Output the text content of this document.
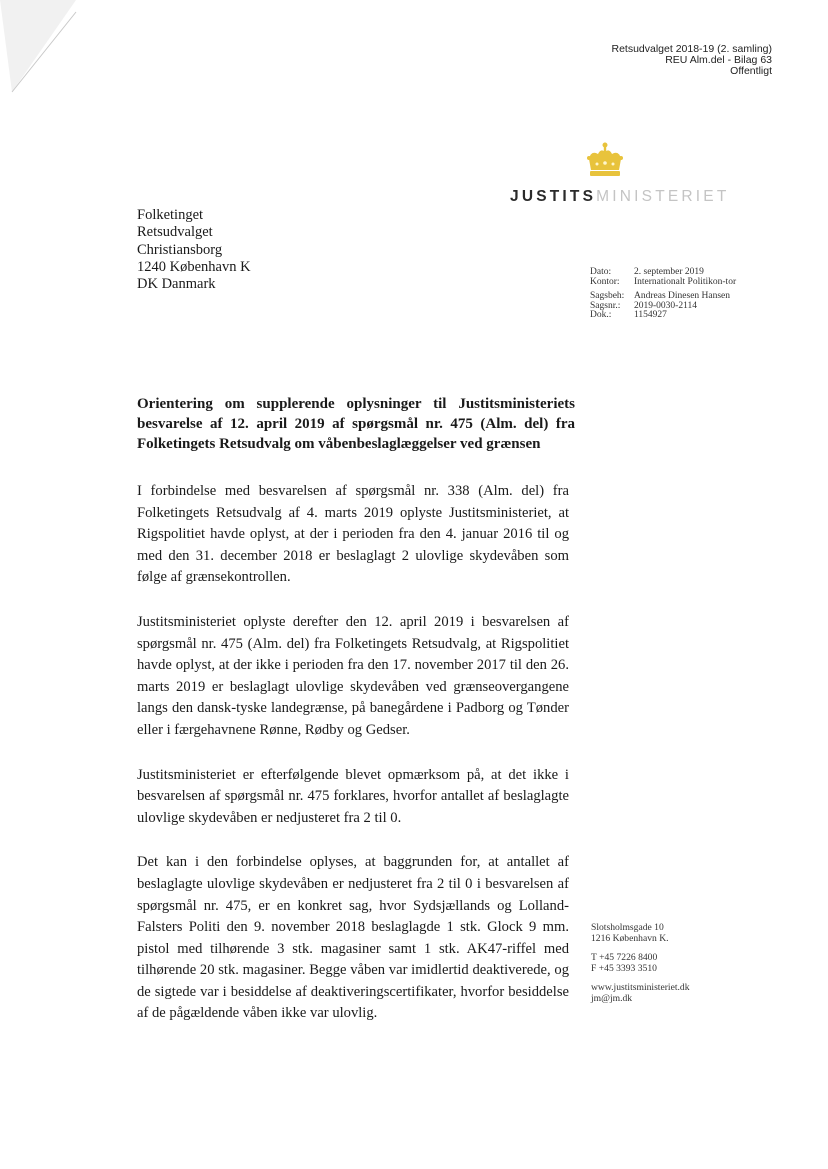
Retsudvalget 2018-19 (2. samling)
REU Alm.del - Bilag 63
Offentligt
JUSTITSMINISTERIET
Folketinget
Retsudvalget
Christiansborg
1240 København K
DK Danmark
Dato:	2. september 2019
Kontor:	Internationalt Politikon-tor
Sagsbeh:	Andreas Dinesen Hansen
Sagsnr.:	2019-0030-2114
Dok.:	1154927
Orientering om supplerende oplysninger til Justitsministeriets besvarelse af 12. april 2019 af spørgsmål nr. 475 (Alm. del) fra Folketingets Retsudvalg om våbenbeslaglæggelser ved grænsen

I forbindelse med besvarelsen af spørgsmål nr. 338 (Alm. del) fra Folketingets Retsudvalg af 4. marts 2019 oplyste Justitsministeriet, at Rigspolitiet havde oplyst, at der i perioden fra den 4. januar 2016 til og med den 31. december 2018 er beslaglagt 2 ulovlige skydevåben som følge af grænsekontrollen.

Justitsministeriet oplyste derefter den 12. april 2019 i besvarelsen af spørgsmål nr. 475 (Alm. del) fra Folketingets Retsudvalg, at Rigspolitiet havde oplyst, at der ikke i perioden fra den 17. november 2017 til den 26. marts 2019 er beslaglagt ulovlige skydevåben ved grænseovergangene langs den dansk-tyske landegrænse, på banegårdene i Padborg og Tønder eller i færgehavnene Rønne, Rødby og Gedser.

Justitsministeriet er efterfølgende blevet opmærksom på, at det ikke i besvarelsen af spørgsmål nr. 475 forklares, hvorfor antallet af beslaglagte ulovlige skydevåben er nedjusteret fra 2 til 0.

Det kan i den forbindelse oplyses, at baggrunden for, at antallet af beslaglagte ulovlige skydevåben er nedjusteret fra 2 til 0 i besvarelsen af spørgsmål nr. 475, er en konkret sag, hvor Sydsjællands og Lolland-Falsters Politi den 9. november 2018 beslaglagde 1 stk. Glock 9 mm. pistol med tilhørende 3 stk. magasiner samt 1 stk. AK47-riffel med tilhørende 20 stk. magasiner. Begge våben var imidlertid deaktiverede, og de sigtede var i besiddelse af deaktiveringscertifikater, hvorfor besiddelse af de pågældende våben ikke var ulovlig.

Slotsholmsgade 10
1216 København K.
T +45 7226 8400
F +45 3393 3510
www.justitsministeriet.dk
jm@jm.dk
